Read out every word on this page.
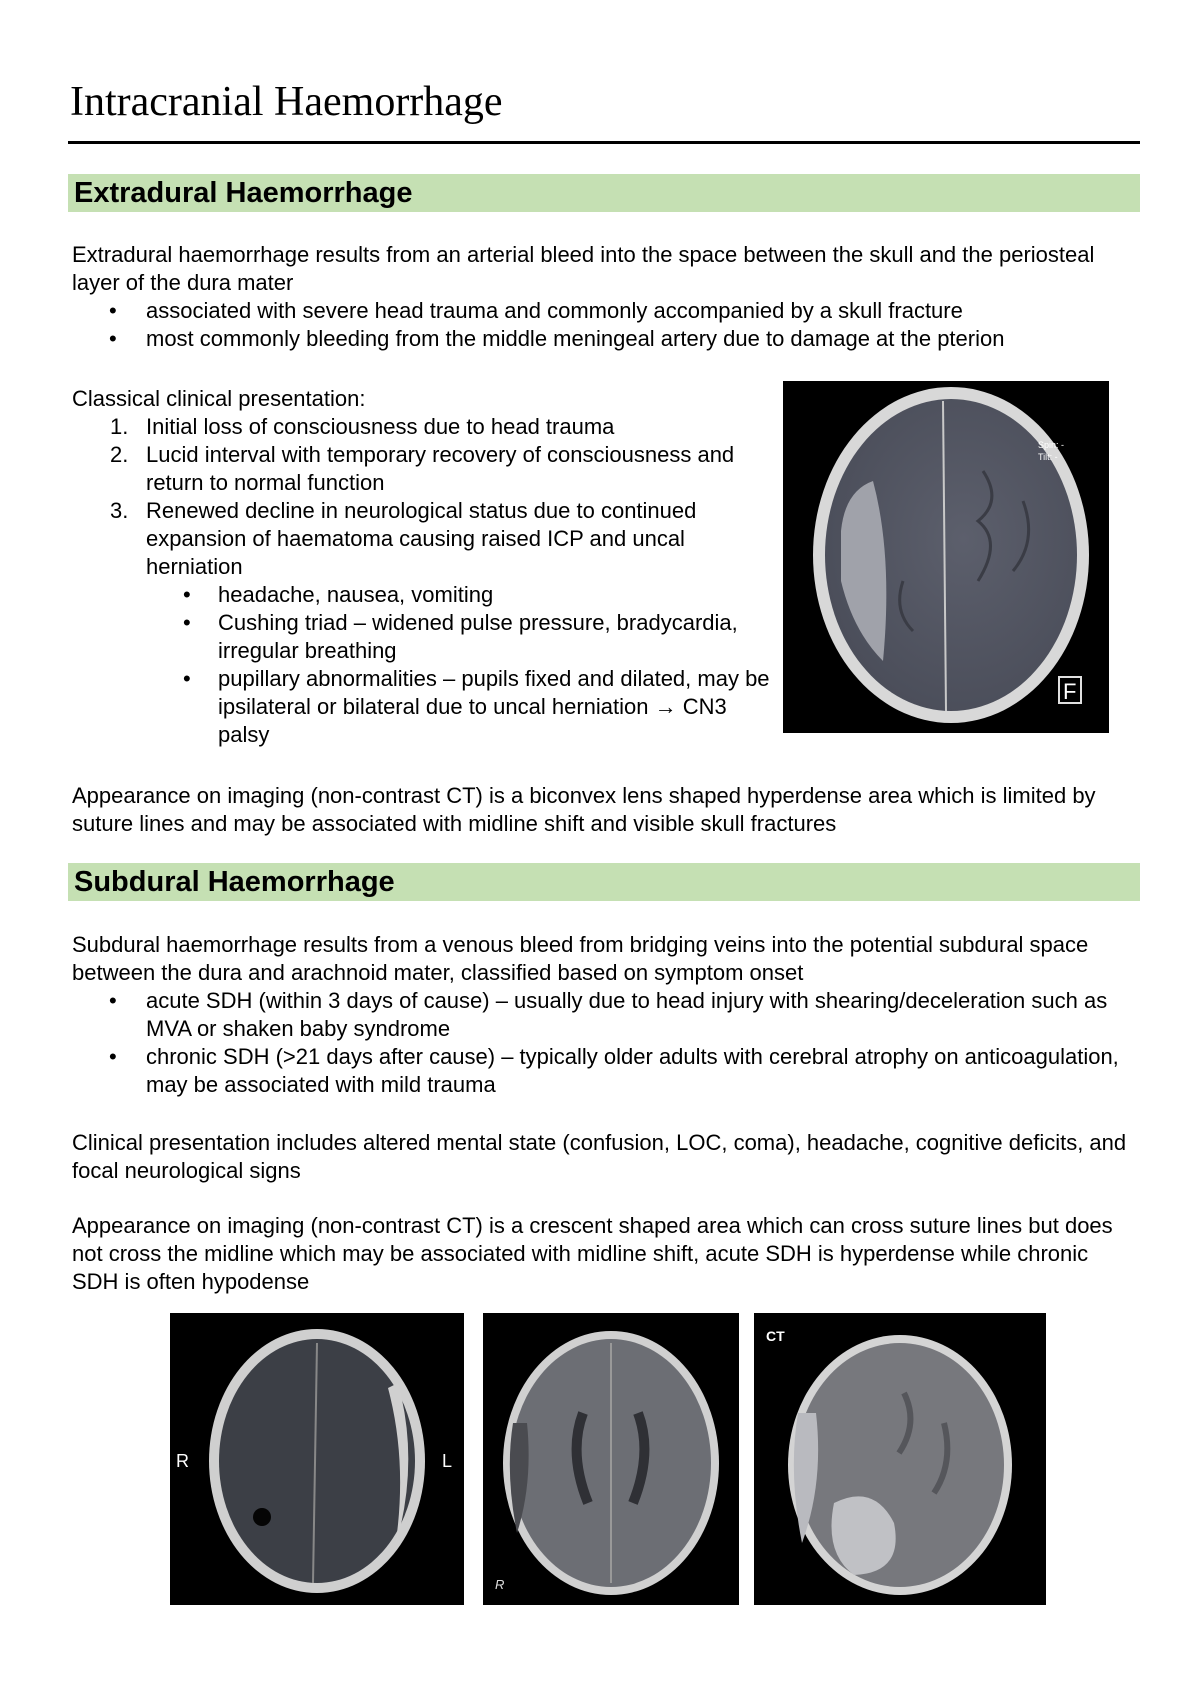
Intracranial Haemorrhage
Extradural Haemorrhage

Extradural haemorrhage results from an arterial bleed into the space between the skull and the periosteal layer of the dura mater

• associated with severe head trauma and commonly accompanied by a skull fracture
• most commonly bleeding from the middle meningeal artery due to damage at the pterion

Classical clinical presentation:

1. Initial loss of consciousness due to head trauma
2. Lucid interval with temporary recovery of consciousness and return to normal function
3. Renewed decline in neurological status due to continued expansion of haematoma causing raised ICP and uncal herniation
• headache, nausea, vomiting
• Cushing triad – widened pulse pressure, bradycardia, irregular breathing
• pupillary abnormalities – pupils fixed and dilated, may be ipsilateral or bilateral due to uncal herniation → CN3 palsy
Spin: -
Tilt: -
F

Appearance on imaging (non-contrast CT) is a biconvex lens shaped hyperdense area which is limited by suture lines and may be associated with midline shift and visible skull fractures

Subdural Haemorrhage

Subdural haemorrhage results from a venous bleed from bridging veins into the potential subdural space between the dura and arachnoid mater, classified based on symptom onset

• acute SDH (within 3 days of cause) – usually due to head injury with shearing/deceleration such as MVA or shaken baby syndrome
• chronic SDH (>21 days after cause) – typically older adults with cerebral atrophy on anticoagulation, may be associated with mild trauma

Clinical presentation includes altered mental state (confusion, LOC, coma), headache, cognitive deficits, and focal neurological signs

Appearance on imaging (non-contrast CT) is a crescent shaped area which can cross suture lines but does not cross the midline which may be associated with midline shift, acute SDH is hyperdense while chronic SDH is often hypodense

R	L
R
CT
